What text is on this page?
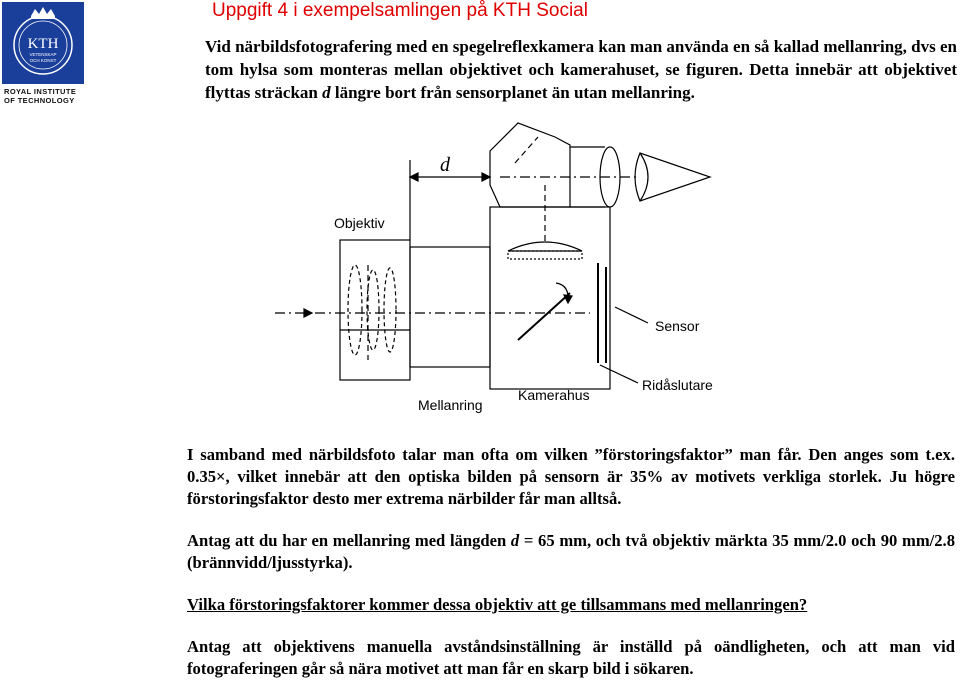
KTH
VETENSKAP
OCH KONST
ROYAL INSTITUTE
OF TECHNOLOGY
Uppgift 4 i exempelsamlingen på KTH Social
Vid närbildsfotografering med en spegelreflexkamera kan man använda en så kallad mellanring, dvs en tom hylsa som monteras mellan objektivet och kamerahuset, se figuren. Detta innebär att objektivet flyttas sträckan d längre bort från sensorplanet än utan mellanring.
d
Objektiv
Sensor
Ridåslutare
Kamerahus
Mellanring
I samband med närbildsfoto talar man ofta om vilken ”förstoringsfaktor” man får. Den anges som t.ex. 0.35×, vilket innebär att den optiska bilden på sensorn är 35% av motivets verkliga storlek. Ju högre förstoringsfaktor desto mer extrema närbilder får man alltså.
Antag att du har en mellanring med längden d = 65 mm, och två objektiv märkta 35 mm/2.0 och 90 mm/2.8 (brännvidd/ljusstyrka).
Vilka förstoringsfaktorer kommer dessa objektiv att ge tillsammans med mellanringen?
Antag att objektivens manuella avståndsinställning är inställd på oändligheten, och att man vid fotograferingen går så nära motivet att man får en skarp bild i sökaren.
